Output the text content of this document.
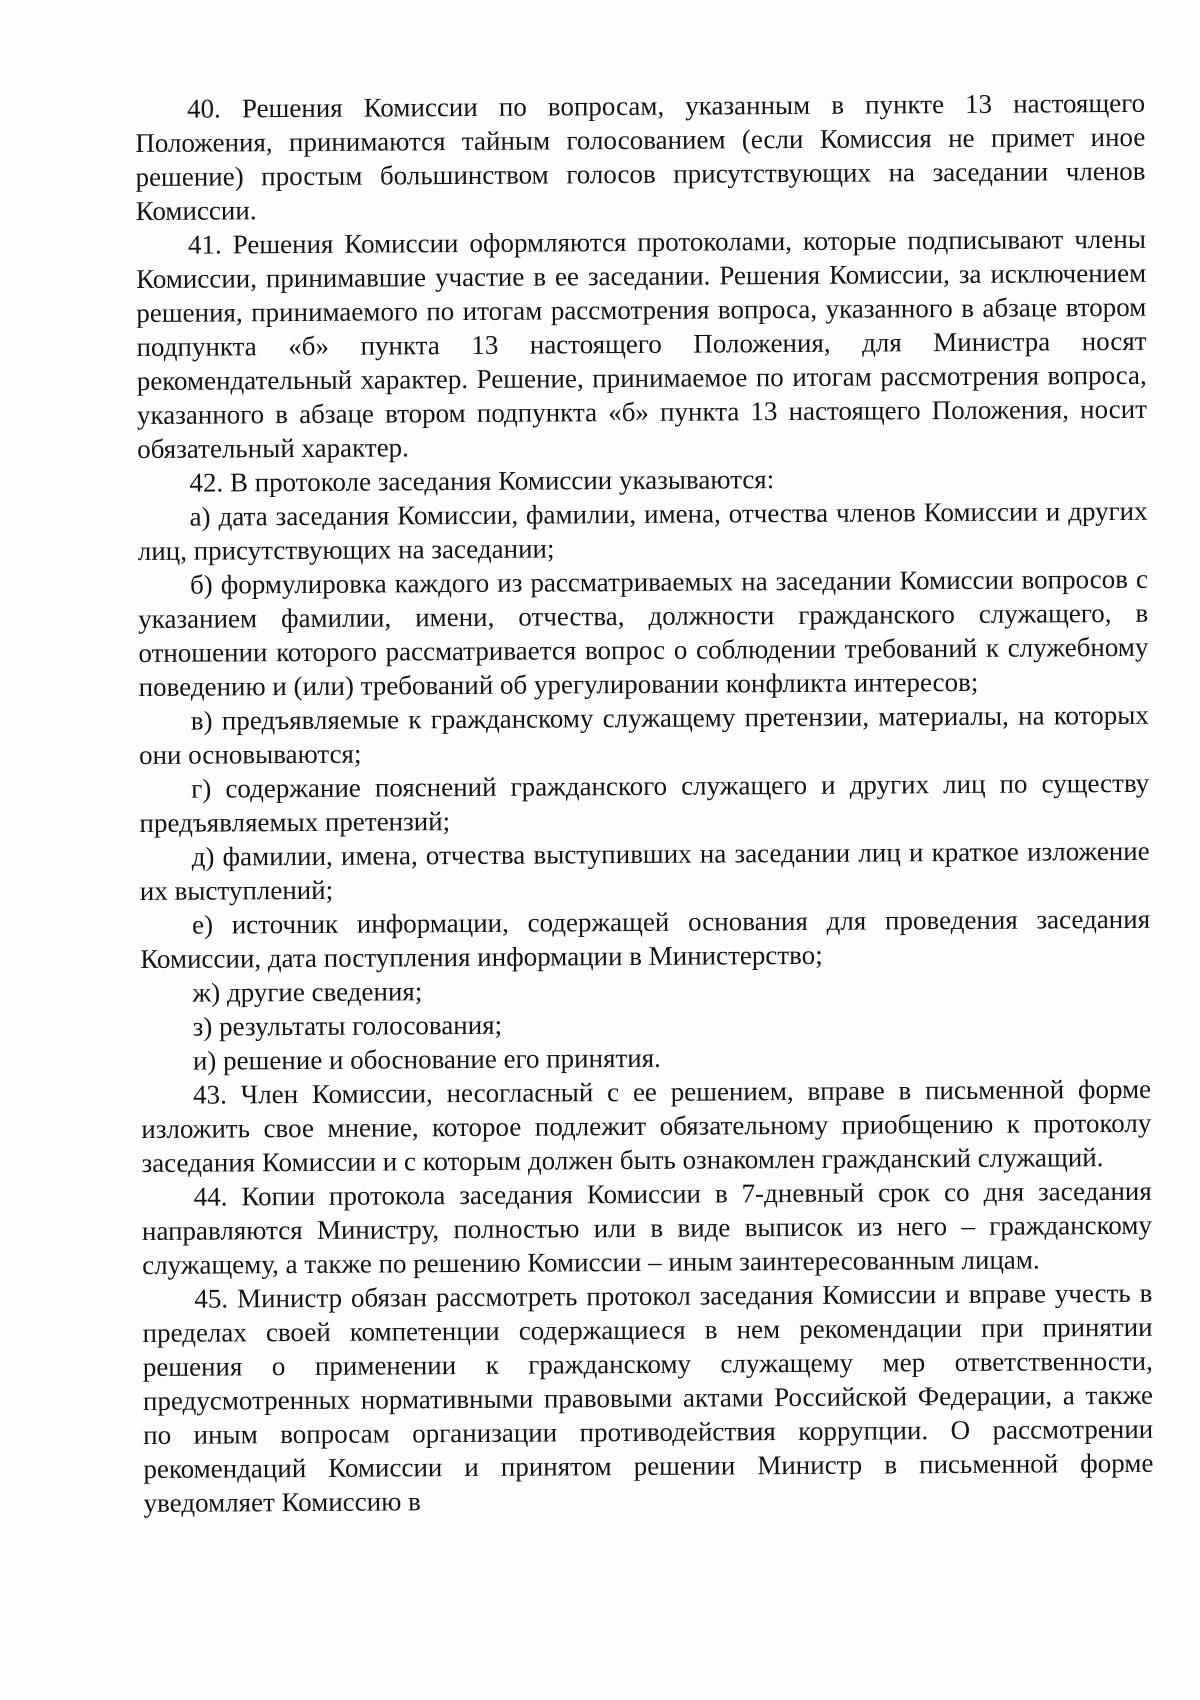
40. Решения Комиссии по вопросам, указанным в пункте 13 настоящего Положения, принимаются тайным голосованием (если Комиссия не примет иное решение) простым большинством голосов присутствующих на заседании членов Комиссии.

41. Решения Комиссии оформляются протоколами, которые подписывают члены Комиссии, принимавшие участие в ее заседании. Решения Комиссии, за исключением решения, принимаемого по итогам рассмотрения вопроса, указанного в абзаце втором подпункта «б» пункта 13 настоящего Положения, для Министра носят рекомендательный характер. Решение, принимаемое по итогам рассмотрения вопроса, указанного в абзаце втором подпункта «б» пункта 13 настоящего Положения, носит обязательный характер.

42. В протоколе заседания Комиссии указываются:

а) дата заседания Комиссии, фамилии, имена, отчества членов Комиссии и других лиц, присутствующих на заседании;

б) формулировка каждого из рассматриваемых на заседании Комиссии вопросов с указанием фамилии, имени, отчества, должности гражданского служащего, в отношении которого рассматривается вопрос о соблюдении требований к служебному поведению и (или) требований об урегулировании конфликта интересов;

в) предъявляемые к гражданскому служащему претензии, материалы, на которых они основываются;

г) содержание пояснений гражданского служащего и других лиц по существу предъявляемых претензий;

д) фамилии, имена, отчества выступивших на заседании лиц и краткое изложение их выступлений;

е) источник информации, содержащей основания для проведения заседания Комиссии, дата поступления информации в Министерство;

ж) другие сведения;

з) результаты голосования;

и) решение и обоснование его принятия.

43. Член Комиссии, несогласный с ее решением, вправе в письменной форме изложить свое мнение, которое подлежит обязательному приобщению к протоколу заседания Комиссии и с которым должен быть ознакомлен гражданский служащий.

44. Копии протокола заседания Комиссии в 7-дневный срок со дня заседания направляются Министру, полностью или в виде выписок из него – гражданскому служащему, а также по решению Комиссии – иным заинтересованным лицам.

45. Министр обязан рассмотреть протокол заседания Комиссии и вправе учесть в пределах своей компетенции содержащиеся в нем рекомендации при принятии решения о применении к гражданскому служащему мер ответственности, предусмотренных нормативными правовыми актами Российской Федерации, а также по иным вопросам организации противодействия коррупции. О рассмотрении рекомендаций Комиссии и принятом решении Министр в письменной форме уведомляет Комиссию в
